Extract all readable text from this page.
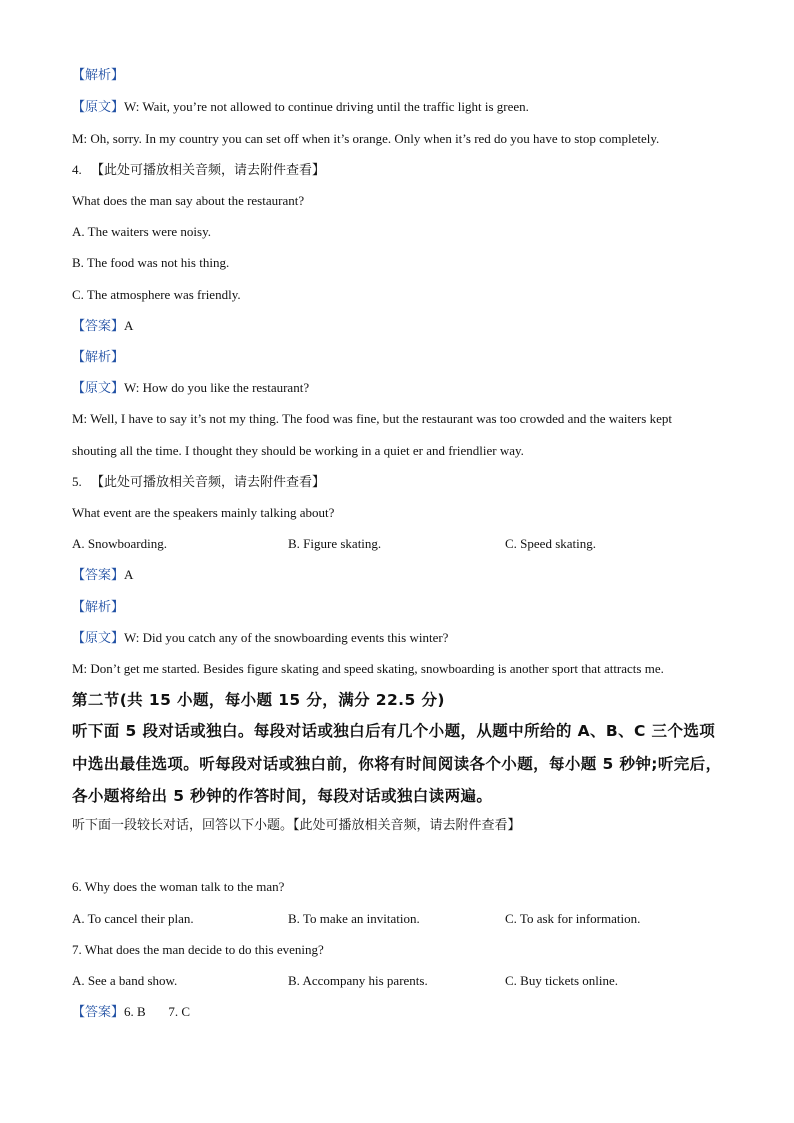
【解析】
【原文】W: Wait, you’re not allowed to continue driving until the traffic light is green.
M: Oh, sorry. In my country you can set off when it’s orange. Only when it’s red do you have to stop completely.
4. 【此处可播放相关音频，请去附件查看】
What does the man say about the restaurant?
A. The waiters were noisy.
B. The food was not his thing.
C. The atmosphere was friendly.
【答案】A
【解析】
【原文】W: How do you like the restaurant?
M: Well, I have to say it’s not my thing. The food was fine, but the restaurant was too crowded and the waiters kept
shouting all the time. I thought they should be working in a quiet er and friendlier way.
5. 【此处可播放相关音频，请去附件查看】
What event are the speakers mainly talking about?
A. Snowboarding.	B. Figure skating.	C. Speed skating.
【答案】A
【解析】
【原文】W: Did you catch any of the snowboarding events this winter?
M: Don’t get me started. Besides figure skating and speed skating, snowboarding is another sport that attracts me.
第二节(共 15 小题，每小题 15 分，满分 22.5 分)
听下面 5 段对话或独白。每段对话或独白后有几个小题，从题中所给的 A、B、C 三个选项
中选出最佳选项。听每段对话或独白前，你将有时间阅读各个小题，每小题 5 秒钟;听完后，
各小题将给出 5 秒钟的作答时间，每段对话或独白读两遍。
听下面一段较长对话，回答以下小题。【此处可播放相关音频，请去附件查看】
6. Why does the woman talk to the man?
A. To cancel their plan.	B. To make an invitation.	C. To ask for information.
7. What does the man decide to do this evening?
A. See a band show.	B. Accompany his parents.	C. Buy tickets online.
【答案】6. B       7. C
